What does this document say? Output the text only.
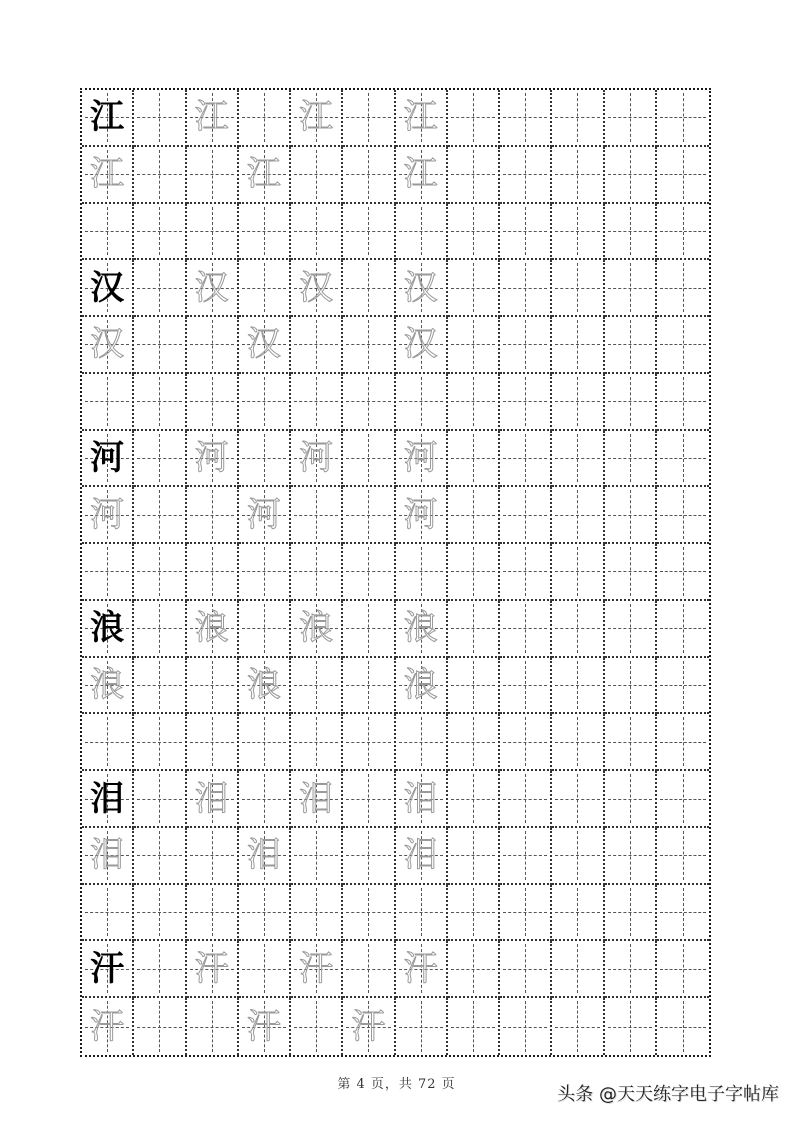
江 江 江 江
江	江	江
汉 汉 汉 汉
汉	汉	汉
河 河 河 河
河	河	河
浪 浪 浪 浪
浪	浪	浪
泪 泪 泪 泪
泪	泪	泪
汗 汗 汗 汗
汗	汗 汗
第 4 页，共 72 页	头条 @天天练字电子字帖库
